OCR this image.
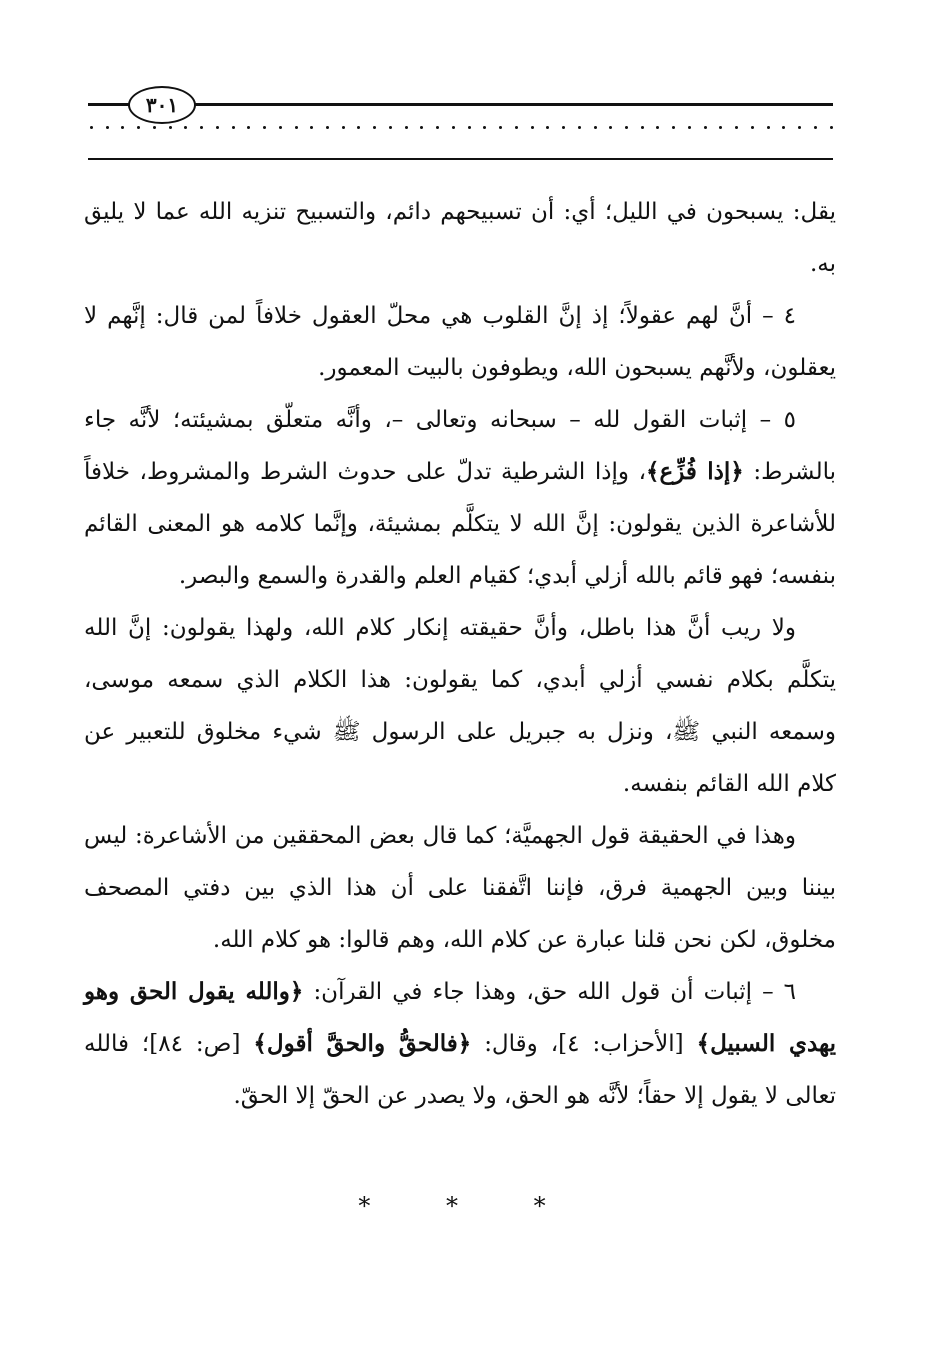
٣٠١

يقل: يسبحون في الليل؛ أي: أن تسبيحهم دائم، والتسبيح تنزيه الله عما لا يليق به.

٤ – أنَّ لهم عقولاً؛ إذ إنَّ القلوب هي محلّ العقول خلافاً لمن قال: إنَّهم لا يعقلون، ولأنَّهم يسبحون الله، ويطوفون بالبيت المعمور.

٥ – إثبات القول لله – سبحانه وتعالى –، وأنَّه متعلّق بمشيئته؛ لأنَّه جاء بالشرط: ﴿إذا فُزِّع﴾، وإذا الشرطية تدلّ على حدوث الشرط والمشروط، خلافاً للأشاعرة الذين يقولون: إنَّ الله لا يتكلَّم بمشيئة، وإنَّما كلامه هو المعنى القائم بنفسه؛ فهو قائم بالله أزلي أبدي؛ كقيام العلم والقدرة والسمع والبصر.

ولا ريب أنَّ هذا باطل، وأنَّ حقيقته إنكار كلام الله، ولهذا يقولون: إنَّ الله يتكلَّم بكلام نفسي أزلي أبدي، كما يقولون: هذا الكلام الذي سمعه موسى، وسمعه النبي ﷺ، ونزل به جبريل على الرسول ﷺ شيء مخلوق للتعبير عن كلام الله القائم بنفسه.

وهذا في الحقيقة قول الجهميَّة؛ كما قال بعض المحققين من الأشاعرة: ليس بيننا وبين الجهمية فرق، فإننا اتَّفقنا على أن هذا الذي بين دفتي المصحف مخلوق، لكن نحن قلنا عبارة عن كلام الله، وهم قالوا: هو كلام الله.

٦ – إثبات أن قول الله حق، وهذا جاء في القرآن: ﴿والله يقول الحق وهو يهدي السبيل﴾ [الأحزاب: ٤]، وقال: ﴿فالحقُّ والحقَّ أقول﴾ [ص: ٨٤]؛ فالله تعالى لا يقول إلا حقاً؛ لأنَّه هو الحق، ولا يصدر عن الحقّ إلا الحقّ.

* * *
